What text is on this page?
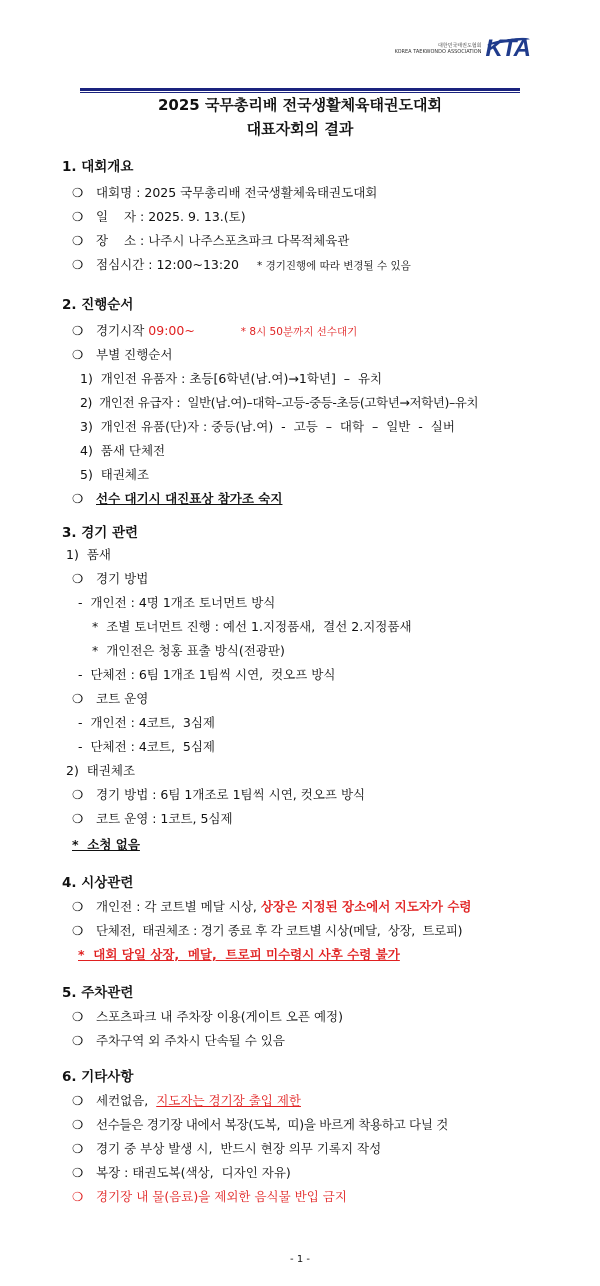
대한민국태권도협회
KOREA TAEKWONDO ASSOCIATION KTA
2025 국무총리배 전국생활체육태권도대회
대표자회의 결과
1. 대회개요
❍ 대회명 : 2025 국무총리배 전국생활체육태권도대회
❍ 일    자 : 2025. 9. 13.(토)
❍ 장    소 : 나주시 나주스포츠파크 다목적체육관
❍ 점심시간 : 12:00~13:20 * 경기진행에 따라 변경될 수 있음
2. 진행순서
❍ 경기시작 09:00~	* 8시 50분까지 선수대기
❍ 부별 진행순서
1)  개인전 유품자 : 초등[6학년(남.여)→1학년]  –  유치
2)  개인전 유급자 :  일반(남.여)–대학–고등-중등-초등(고학년→저학년)–유치
3)  개인전 유품(단)자 : 중등(남.여)  -  고등  –  대학  –  일반  -  실버
4)  품새 단체전
5)  태권체조
❍ 선수 대기시 대진표상 참가조 숙지
3. 경기 관련
1)  품새
❍ 경기 방법
-  개인전 : 4명 1개조 토너먼트 방식
*  조별 토너먼트 진행 : 예선 1.지정품새,  결선 2.지정품새
*  개인전은 청홍 표출 방식(전광판)
-  단체전 : 6팀 1개조 1팀씩 시연,  컷오프 방식
❍ 코트 운영
-  개인전 : 4코트,  3심제
-  단체전 : 4코트,  5심제
2)  태권체조
❍ 경기 방법 : 6팀 1개조로 1팀씩 시연, 컷오프 방식
❍ 코트 운영 : 1코트, 5심제
*  소청 없음
4. 시상관련
❍ 개인전 : 각 코트별 메달 시상, 상장은 지정된 장소에서 지도자가 수령
❍ 단체전,  태권체조 : 경기 종료 후 각 코트별 시상(메달,  상장,  트로피)
*  대회 당일 상장,  메달,  트로피 미수령시 사후 수령 불가
5. 주차관련
❍ 스포츠파크 내 주차장 이용(게이트 오픈 예정)
❍ 주차구역 외 주차시 단속될 수 있음
6. 기타사항
❍ 세컨없음,  지도자는 경기장 출입 제한
❍ 선수들은 경기장 내에서 복장(도복,  띠)을 바르게 착용하고 다닐 것
❍ 경기 중 부상 발생 시,  반드시 현장 의무 기록지 작성
❍ 복장 : 태권도복(색상,  디자인 자유)
❍ 경기장 내 물(음료)을 제외한 음식물 반입 금지
- 1 -
